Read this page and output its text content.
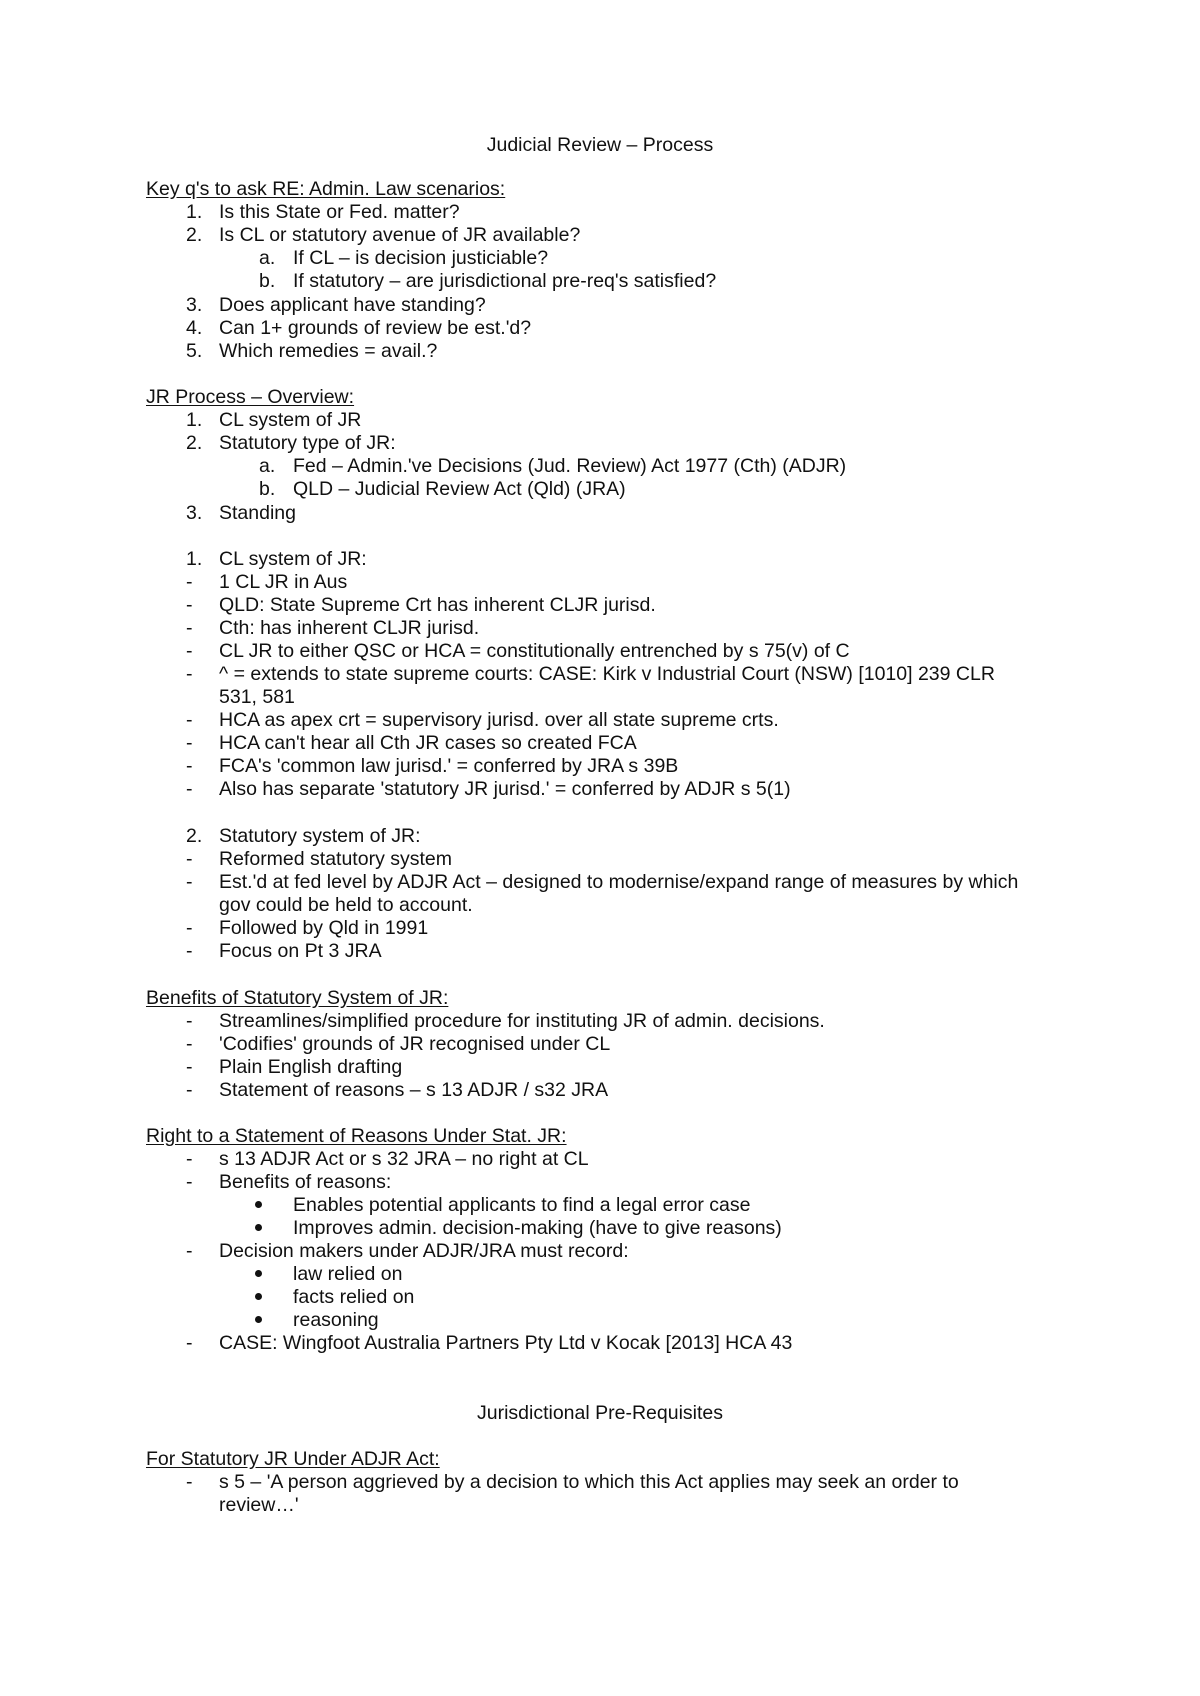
Judicial Review – Process
Key q's to ask RE: Admin. Law scenarios:
1. Is this State or Fed. matter?
2. Is CL or statutory avenue of JR available?
a. If CL – is decision justiciable?
b. If statutory – are jurisdictional pre-req's satisfied?
3. Does applicant have standing?
4. Can 1+ grounds of review be est.'d?
5. Which remedies = avail.?
JR Process – Overview:
1. CL system of JR
2. Statutory type of JR:
a. Fed – Admin.'ve Decisions (Jud. Review) Act 1977 (Cth) (ADJR)
b. QLD – Judicial Review Act (Qld) (JRA)
3. Standing
1. CL system of JR:
- 1 CL JR in Aus
- QLD: State Supreme Crt has inherent CLJR jurisd.
- Cth: has inherent CLJR jurisd.
- CL JR to either QSC or HCA = constitutionally entrenched by s 75(v) of C
- ^ = extends to state supreme courts: CASE: Kirk v Industrial Court (NSW) [1010] 239 CLR
531, 581
- HCA as apex crt = supervisory jurisd. over all state supreme crts.
- HCA can't hear all Cth JR cases so created FCA
- FCA's 'common law jurisd.' = conferred by JRA s 39B
- Also has separate 'statutory JR jurisd.' = conferred by ADJR s 5(1)
2. Statutory system of JR:
- Reformed statutory system
- Est.'d at fed level by ADJR Act – designed to modernise/expand range of measures by which
gov could be held to account.
- Followed by Qld in 1991
- Focus on Pt 3 JRA
Benefits of Statutory System of JR:
- Streamlines/simplified procedure for instituting JR of admin. decisions.
- 'Codifies' grounds of JR recognised under CL
- Plain English drafting
- Statement of reasons – s 13 ADJR / s32 JRA
Right to a Statement of Reasons Under Stat. JR:
- s 13 ADJR Act or s 32 JRA – no right at CL
- Benefits of reasons:
Enables potential applicants to find a legal error case
Improves admin. decision-making (have to give reasons)
- Decision makers under ADJR/JRA must record:
law relied on
facts relied on
reasoning
- CASE: Wingfoot Australia Partners Pty Ltd v Kocak [2013] HCA 43
Jurisdictional Pre-Requisites
For Statutory JR Under ADJR Act:
- s 5 – 'A person aggrieved by a decision to which this Act applies may seek an order to
review…'
